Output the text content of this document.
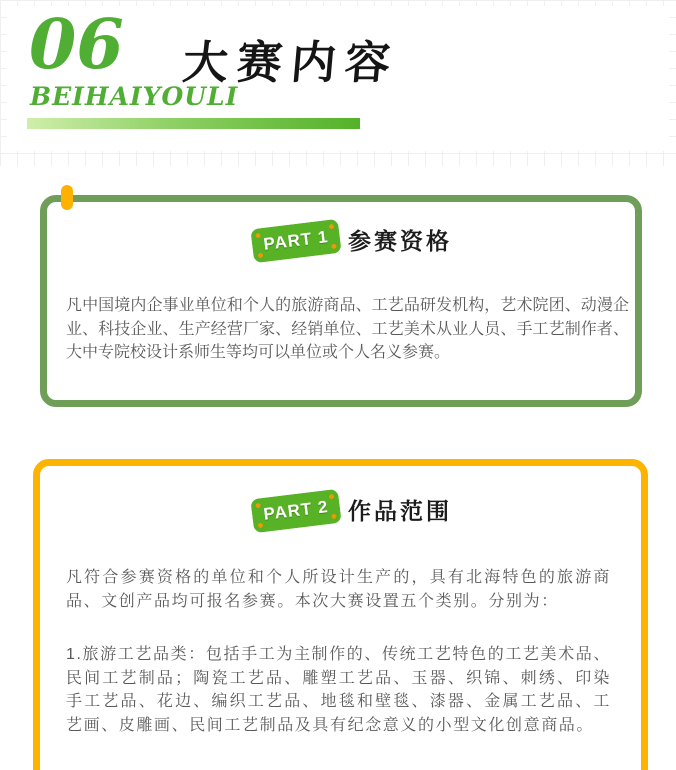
06 大赛内容
BEIHAIYOULI
PART 1 参赛资格

凡中国境内企事业单位和个人的旅游商品、工艺品研发机构，艺术院团、动漫企业、科技企业、生产经营厂家、经销单位、工艺美术从业人员、手工艺制作者、大中专院校设计系师生等均可以单位或个人名义参赛。

PART 2 作品范围

凡符合参赛资格的单位和个人所设计生产的，具有北海特色的旅游商品、文创产品均可报名参赛。本次大赛设置五个类别。分别为：

1.旅游工艺品类：包括手工为主制作的、传统工艺特色的工艺美术品、民间工艺制品；陶瓷工艺品、雕塑工艺品、玉器、织锦、刺绣、印染手工艺品、花边、编织工艺品、地毯和壁毯、漆器、金属工艺品、工艺画、皮雕画、民间工艺制品及具有纪念意义的小型文化创意商品。
